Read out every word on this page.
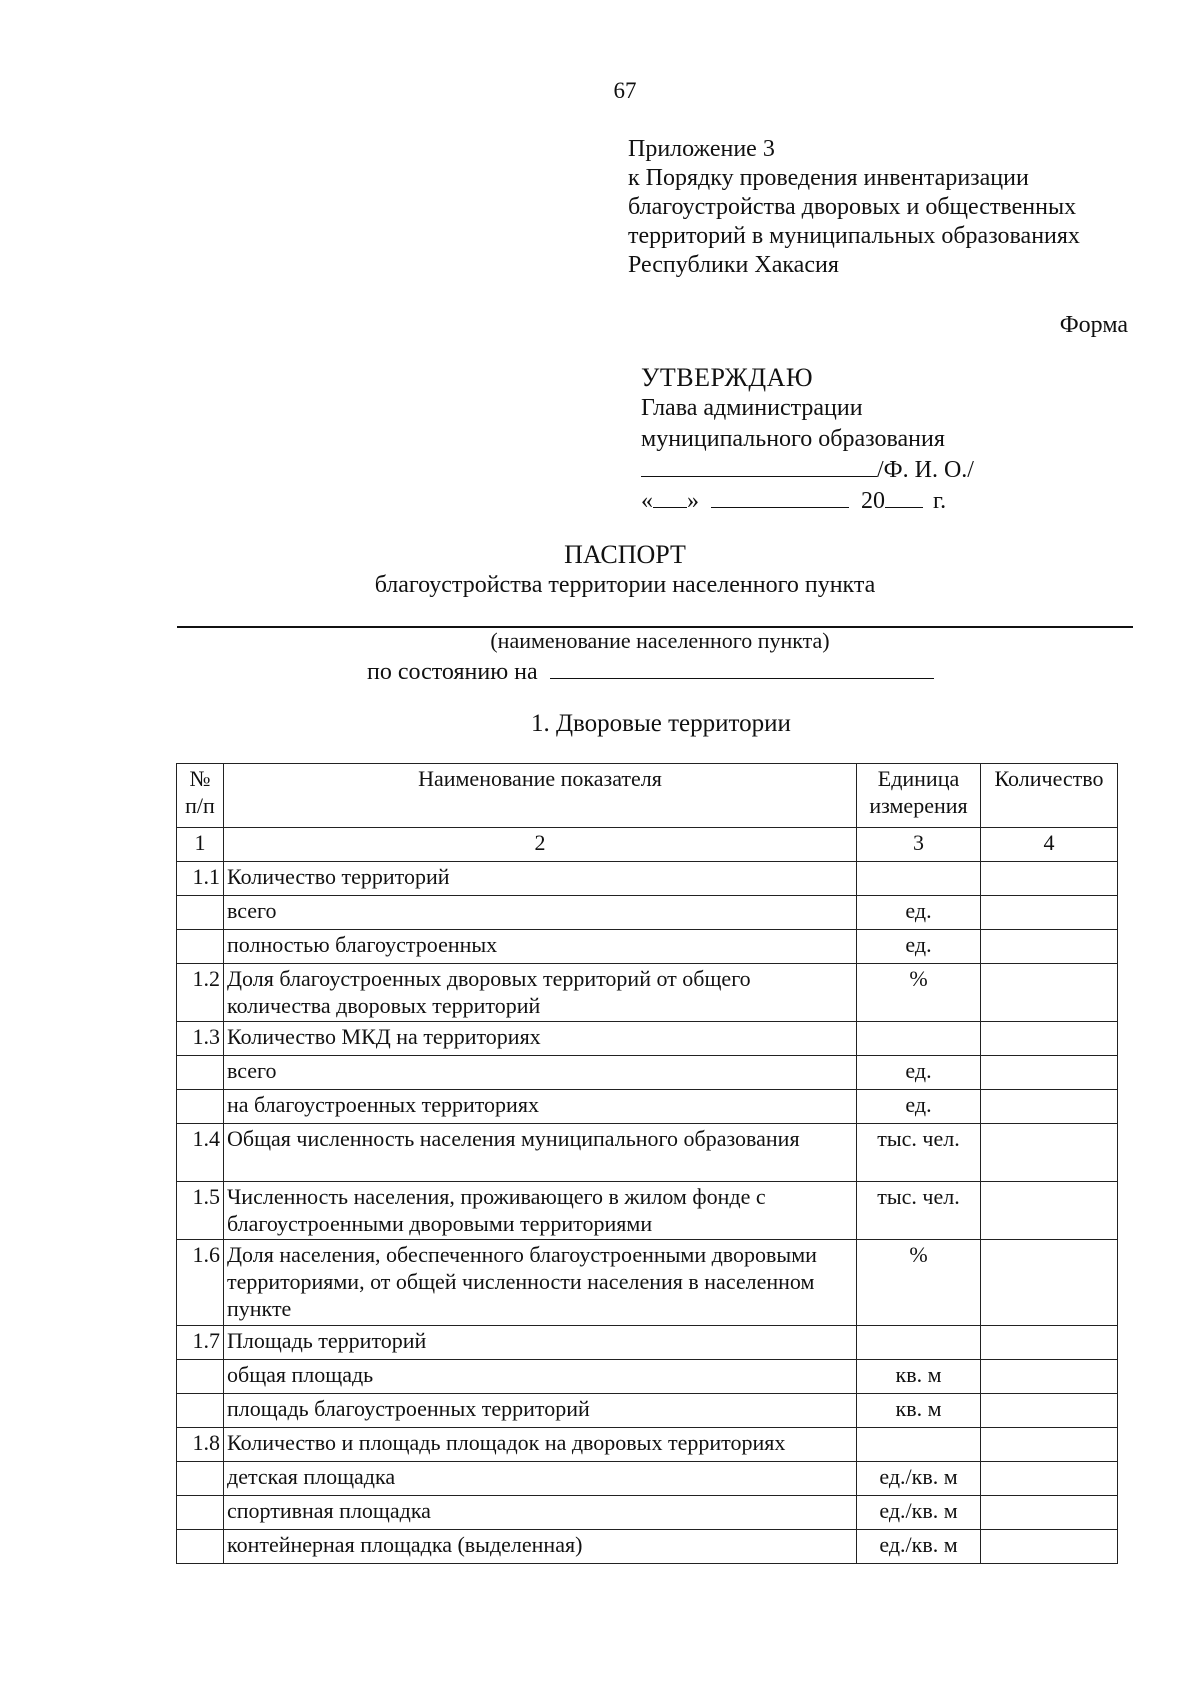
67
Приложение 3
к Порядку проведения инвентаризации
благоустройства дворовых и общественных
территорий в муниципальных образованиях
Республики Хакасия
Форма
УТВЕРЖДАЮ
Глава администрации
муниципального образования
/Ф. И. О./
« »	20 г.
ПАСПОРТ
благоустройства территории населенного пункта
(наименование населенного пункта)
по состоянию на
1. Дворовые территории
№ п/п	Наименование показателя	Единица измерения	Количество
1	2	3	4
1.1	Количество территорий		
	всего	ед.	
	полностью благоустроенных	ед.	
1.2	Доля благоустроенных дворовых территорий от общего количества дворовых территорий	%	
1.3	Количество МКД на территориях		
	всего	ед.	
	на благоустроенных территориях	ед.	
1.4	Общая численность населения муниципального образования	тыс. чел.	
1.5	Численность населения, проживающего в жилом фонде с благоустроенными дворовыми территориями	тыс. чел.	
1.6	Доля населения, обеспеченного благоустроенными дворовыми территориями, от общей численности населения в населенном пункте	%	
1.7	Площадь территорий		
	общая площадь	кв. м	
	площадь благоустроенных территорий	кв. м	
1.8	Количество и площадь площадок на дворовых территориях		
	детская площадка	ед./кв. м	
	спортивная площадка	ед./кв. м	
	контейнерная площадка (выделенная)	ед./кв. м	
